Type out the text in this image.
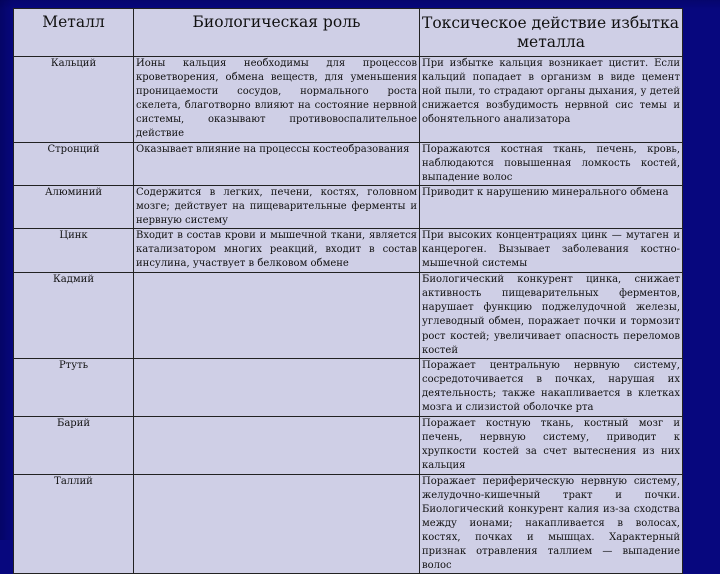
Металл	Биологическая роль	Токсическое действие избытка
металла

Кальций	Ионы кальция необходимы для процессов кроветворения, обмена веществ, для уменьшения проницаемости сосудов, нормального роста скелета, благотворно влияют на состояние нервной системы, оказывают противовоспалительное действие	При избытке кальция возникает цистит. Если кальций попадает в организм в виде цемент ной пыли, то страдают органы дыхания, у детей снижается возбудимость нервной сис темы и обонятельного анализатора
Стронций	Оказывает влияние на процессы костеобразования	Поражаются костная ткань, печень, кровь, наблюдаются повышенная ломкость костей, выпадение волос
Алюминий	Содержится в легких, печени, костях, головном мозге; действует на пищеварительные ферменты и нервную систему	Приводит к нарушению минерального обмена
Цинк	Входит в состав крови и мышечной ткани, является катализатором многих реакций, входит в состав инсулина, участвует в белковом обмене	При высоких концентрациях цинк — мутаген и канцероген. Вызывает заболевания костно-мышечной системы
Кадмий		Биологический конкурент цинка, снижает активность пищеварительных ферментов, нарушает функцию поджелудочной железы, углеводный обмен, поражает почки и тормозит рост костей; увеличивает опасность переломов костей
Ртуть		Поражает центральную нервную систему, сосредоточивается в почках, нарушая их деятельность; также накапливается в клетках мозга и слизистой оболочке рта
Барий		Поражает костную ткань, костный мозг и печень, нервную систему, приводит к хрупкости костей за счет вытеснения из них кальция
Таллий		Поражает периферическую нервную систему, желудочно-кишечный тракт и почки. Биологический конкурент калия из-за сходства между ионами; накапливается в волосах, костях, почках и мышцах. Характерный признак отравления таллием — выпадение волос
